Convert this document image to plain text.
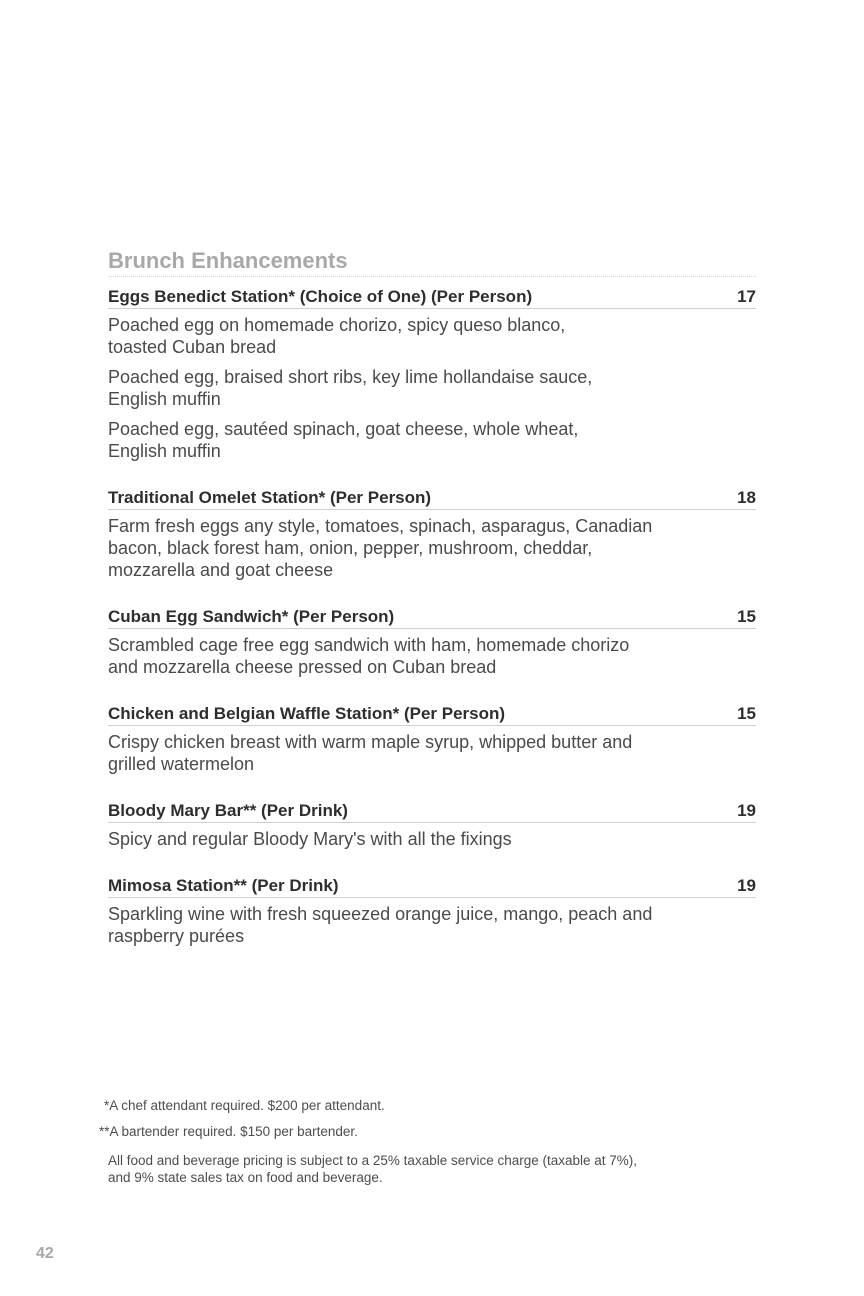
Brunch Enhancements
Eggs Benedict Station* (Choice of One) (Per Person)	17

Poached egg on homemade chorizo, spicy queso blanco,
toasted Cuban bread

Poached egg, braised short ribs, key lime hollandaise sauce,
English muffin

Poached egg, sautéed spinach, goat cheese, whole wheat,
English muffin

Traditional Omelet Station* (Per Person)	18

Farm fresh eggs any style, tomatoes, spinach, asparagus, Canadian
bacon, black forest ham, onion, pepper, mushroom, cheddar,
mozzarella and goat cheese

Cuban Egg Sandwich* (Per Person)	15

Scrambled cage free egg sandwich with ham, homemade chorizo
and mozzarella cheese pressed on Cuban bread

Chicken and Belgian Waffle Station* (Per Person)	15

Crispy chicken breast with warm maple syrup, whipped butter and
grilled watermelon

Bloody Mary Bar** (Per Drink)	19

Spicy and regular Bloody Mary's with all the fixings

Mimosa Station** (Per Drink)	19

Sparkling wine with fresh squeezed orange juice, mango, peach and
raspberry purées

*A chef attendant required. $200 per attendant.
**A bartender required. $150 per bartender.
All food and beverage pricing is subject to a 25% taxable service charge (taxable at 7%),
and 9% state sales tax on food and beverage.
42
